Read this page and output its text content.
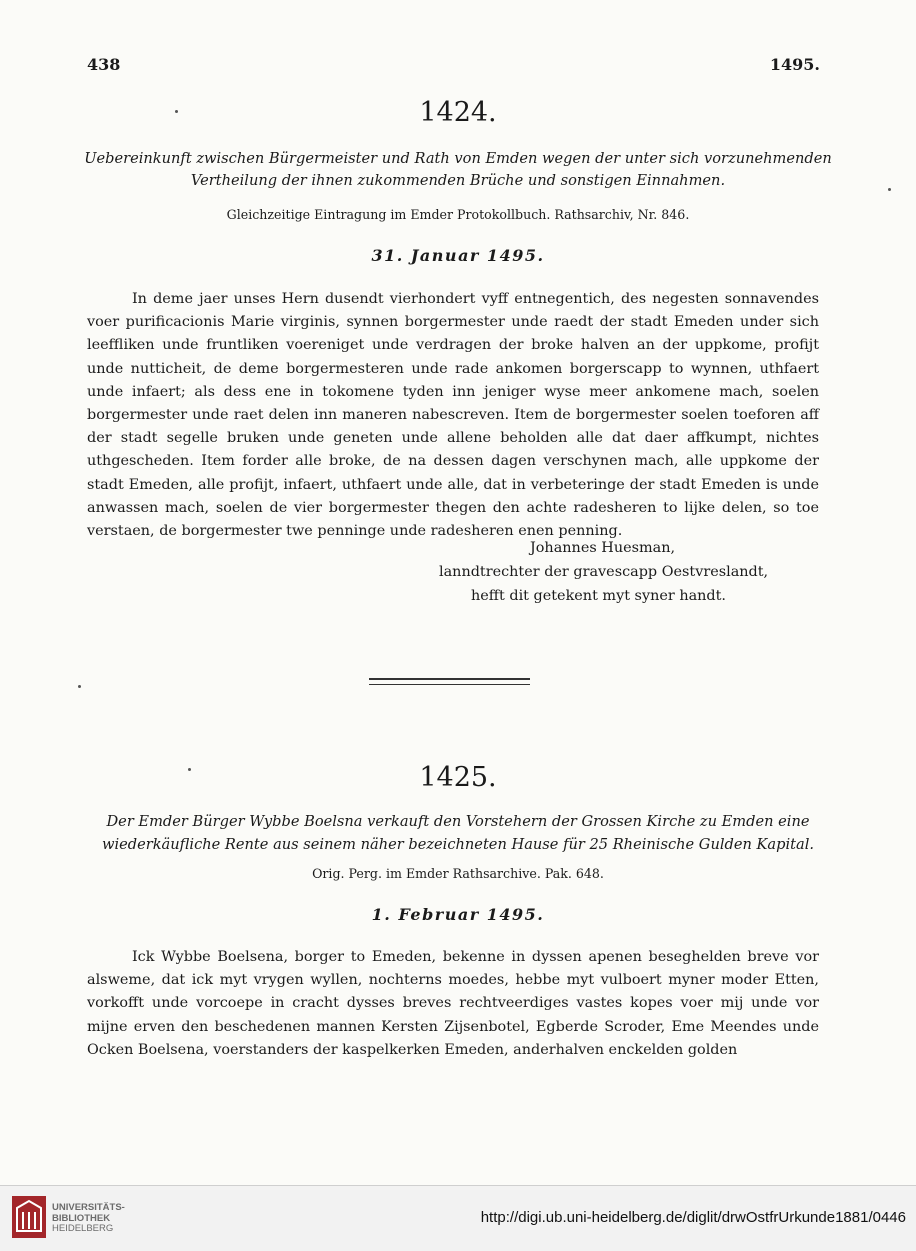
438	1495.
1424.
Uebereinkunft zwischen Bürgermeister und Rath von Emden wegen der unter sich vorzunehmenden
Vertheilung der ihnen zukommenden Brüche und sonstigen Einnahmen.
Gleichzeitige Eintragung im Emder Protokollbuch. Rathsarchiv, Nr. 846.
31. Januar 1495.

In deme jaer unses Hern dusendt vierhondert vyff entnegentich, des negesten sonnavendes voer purificacionis Marie virginis, synnen borgermester unde raedt der stadt Emeden under sich leeffliken unde fruntliken voereniget unde verdragen der broke halven an der uppkome, profijt unde nutticheit, de deme borgermesteren unde rade ankomen borgerscapp to wynnen, uthfaert unde infaert; als dess ene in tokomene tyden inn jeniger wyse meer ankomene mach, soelen borgermester unde raet delen inn maneren nabescreven. Item de borgermester soelen toeforen aff der stadt segelle bruken unde geneten unde allene beholden alle dat daer affkumpt, nichtes uthgescheden. Item forder alle broke, de na dessen dagen verschynen mach, alle uppkome der stadt Emeden, alle profijt, infaert, uthfaert unde alle, dat in verbeteringe der stadt Emeden is unde anwassen mach, soelen de vier borgermester thegen den achte radesheren to lijke delen, so toe verstaen, de borgermester twe penninge unde radesheren enen penning.

Johannes Huesman,
lanndtrechter der gravescapp Oestvreslandt,
hefft dit getekent myt syner handt.
1425.
Der Emder Bürger Wybbe Boelsna verkauft den Vorstehern der Grossen Kirche zu Emden eine
wiederkäufliche Rente aus seinem näher bezeichneten Hause für 25 Rheinische Gulden Kapital.
Orig. Perg. im Emder Rathsarchive. Pak. 648.
1. Februar 1495.

Ick Wybbe Boelsena, borger to Emeden, bekenne in dyssen apenen beseghelden breve vor alsweme, dat ick myt vrygen wyllen, nochterns moedes, hebbe myt vulboert myner moder Etten, vorkofft unde vorcoepe in cracht dysses breves rechtveerdiges vastes kopes voer mij unde vor mijne erven den beschedenen mannen Kersten Zijsenbotel, Egberde Scroder, Eme Meendes unde Ocken Boelsena, voerstanders der kaspelkerken Emeden, anderhalven enckelden golden

UNIVERSITÄTS-
BIBLIOTHEK
HEIDELBERG
http://digi.ub.uni-heidelberg.de/diglit/drwOstfrUrkunde1881/0446
